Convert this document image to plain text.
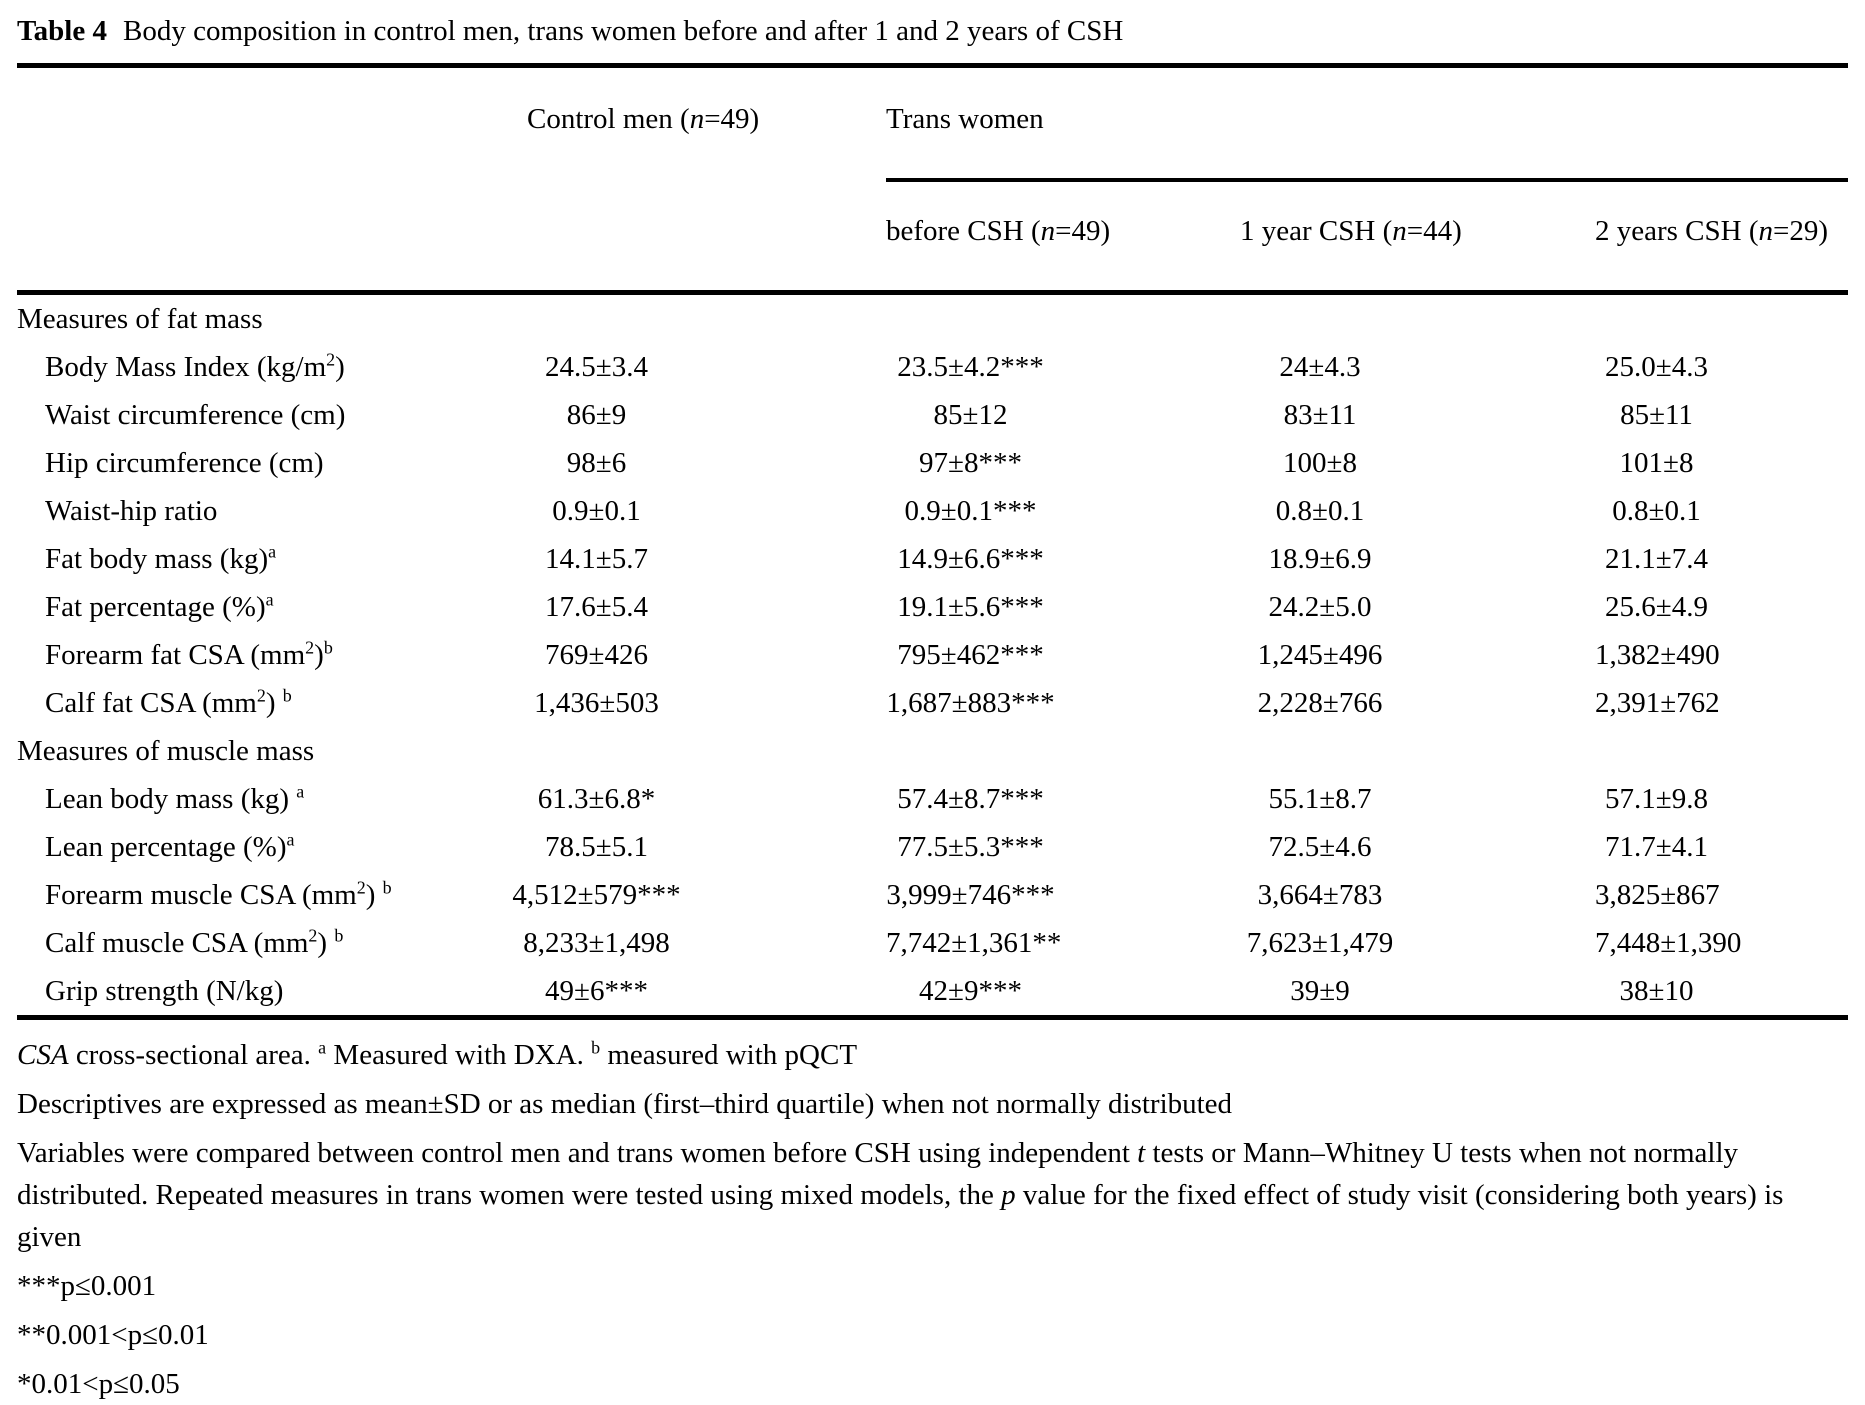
Table 4 Body composition in control men, trans women before and after 1 and 2 years of CSH
	Control men (n=49)	Trans women		
		before CSH (n=49)	1 year CSH (n=44)	2 years CSH (n=29)
Measures of fat mass				
Body Mass Index $(kg/m^2)$	24.5±3.4	23.5±4.2***	24±4.3	25.0±4.3
Waist circumference (cm)	86±9	85±12	83±11	85±11
Hip circumference (cm)	98±6	97±8***	100±8	101±8
Waist-hip ratio	0.9±0.1	0.9±0.1***	0.8±0.1	0.8±0.1
Fat body mass (kg)$^a$	14.1±5.7	14.9±6.6***	18.9±6.9	21.1±7.4
Fat percentage (%)$^a$	17.6±5.4	19.1±5.6***	24.2±5.0	25.6±4.9
Forearm fat CSA $(mm^2)^b$	769±426	795±462***	1,245±496	1,382±490
Calf fat CSA $(mm^2)$ $^b$	1,436±503	1,687±883***	2,228±766	2,391±762
Measures of muscle mass				
Lean body mass (kg) $^a$	61.3±6.8*	57.4±8.7***	55.1±8.7	57.1±9.8
Lean percentage (%)$^a$	78.5±5.1	77.5±5.3***	72.5±4.6	71.7±4.1
Forearm muscle CSA $(mm^2)$ $^b$	4,512±579***	3,999±746***	3,664±783	3,825±867
Calf muscle CSA $(mm^2)$ $^b$	8,233±1,498	7,742±1,361**	7,623±1,479	7,448±1,390
Grip strength (N/kg)	49±6***	42±9***	39±9	38±10

CSA cross-sectional area. $^a$ Measured with DXA. $^b$ measured with pQCT

Descriptives are expressed as mean±SD or as median (first–third quartile) when not normally distributed

Variables were compared between control men and trans women before CSH using independent t tests or Mann–Whitney U tests when not normally distributed. Repeated measures in trans women were tested using mixed models, the p value for the fixed effect of study visit (considering both years) is given

***p≤0.001

**0.001<p≤0.01

*0.01<p≤0.05
